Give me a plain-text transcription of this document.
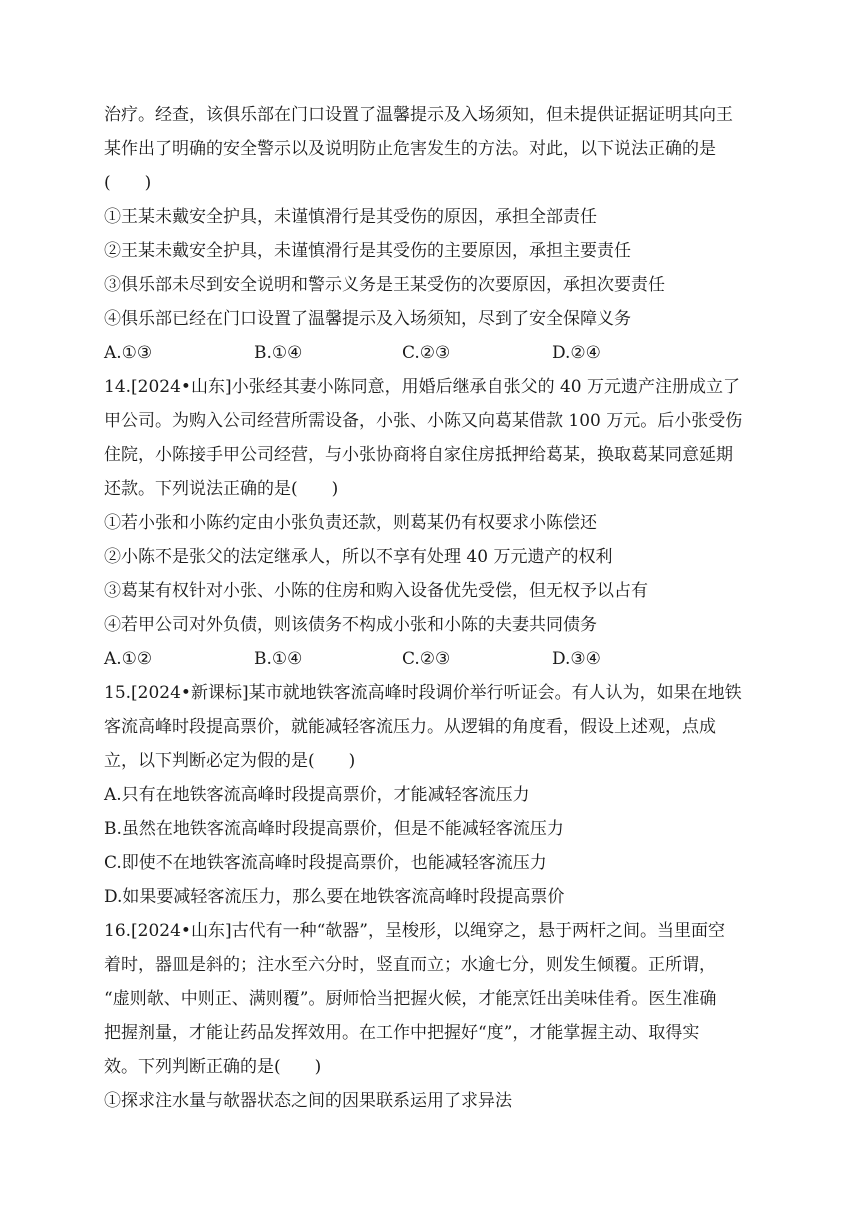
治疗。经查，该俱乐部在门口设置了温馨提示及入场须知，但未提供证据证明其向王
某作出了明确的安全警示以及说明防止危害发生的方法。对此，以下说法正确的是
(　　)
①王某未戴安全护具，未谨慎滑行是其受伤的原因，承担全部责任
②王某未戴安全护具，未谨慎滑行是其受伤的主要原因，承担主要责任
③俱乐部未尽到安全说明和警示义务是王某受伤的次要原因，承担次要责任
④俱乐部已经在门口设置了温馨提示及入场须知，尽到了安全保障义务
A.①③	B.①④	C.②③	D.②④
14.[2024•山东]小张经其妻小陈同意，用婚后继承自张父的 40 万元遗产注册成立了
甲公司。为购入公司经营所需设备，小张、小陈又向葛某借款 100 万元。后小张受伤
住院，小陈接手甲公司经营，与小张协商将自家住房抵押给葛某，换取葛某同意延期
还款。下列说法正确的是(　　)
①若小张和小陈约定由小张负责还款，则葛某仍有权要求小陈偿还
②小陈不是张父的法定继承人，所以不享有处理 40 万元遗产的权利
③葛某有权针对小张、小陈的住房和购入设备优先受偿，但无权予以占有
④若甲公司对外负债，则该债务不构成小张和小陈的夫妻共同债务
A.①②	B.①④	C.②③	D.③④
15.[2024•新课标]某市就地铁客流高峰时段调价举行听证会。有人认为，如果在地铁
客流高峰时段提高票价，就能减轻客流压力。从逻辑的角度看，假设上述观，点成
立，以下判断必定为假的是(　　)
A.只有在地铁客流高峰时段提高票价，才能减轻客流压力
B.虽然在地铁客流高峰时段提高票价，但是不能减轻客流压力
C.即使不在地铁客流高峰时段提高票价，也能减轻客流压力
D.如果要减轻客流压力，那么要在地铁客流高峰时段提高票价
16.[2024•山东]古代有一种“欹器”，呈梭形，以绳穿之，悬于两杆之间。当里面空
着时，器皿是斜的；注水至六分时，竖直而立；水逾七分，则发生倾覆。正所谓，
“虚则欹、中则正、满则覆”。厨师恰当把握火候，才能烹饪出美味佳肴。医生准确
把握剂量，才能让药品发挥效用。在工作中把握好“度”，才能掌握主动、取得实
效。下列判断正确的是(　　)
①探求注水量与欹器状态之间的因果联系运用了求异法
